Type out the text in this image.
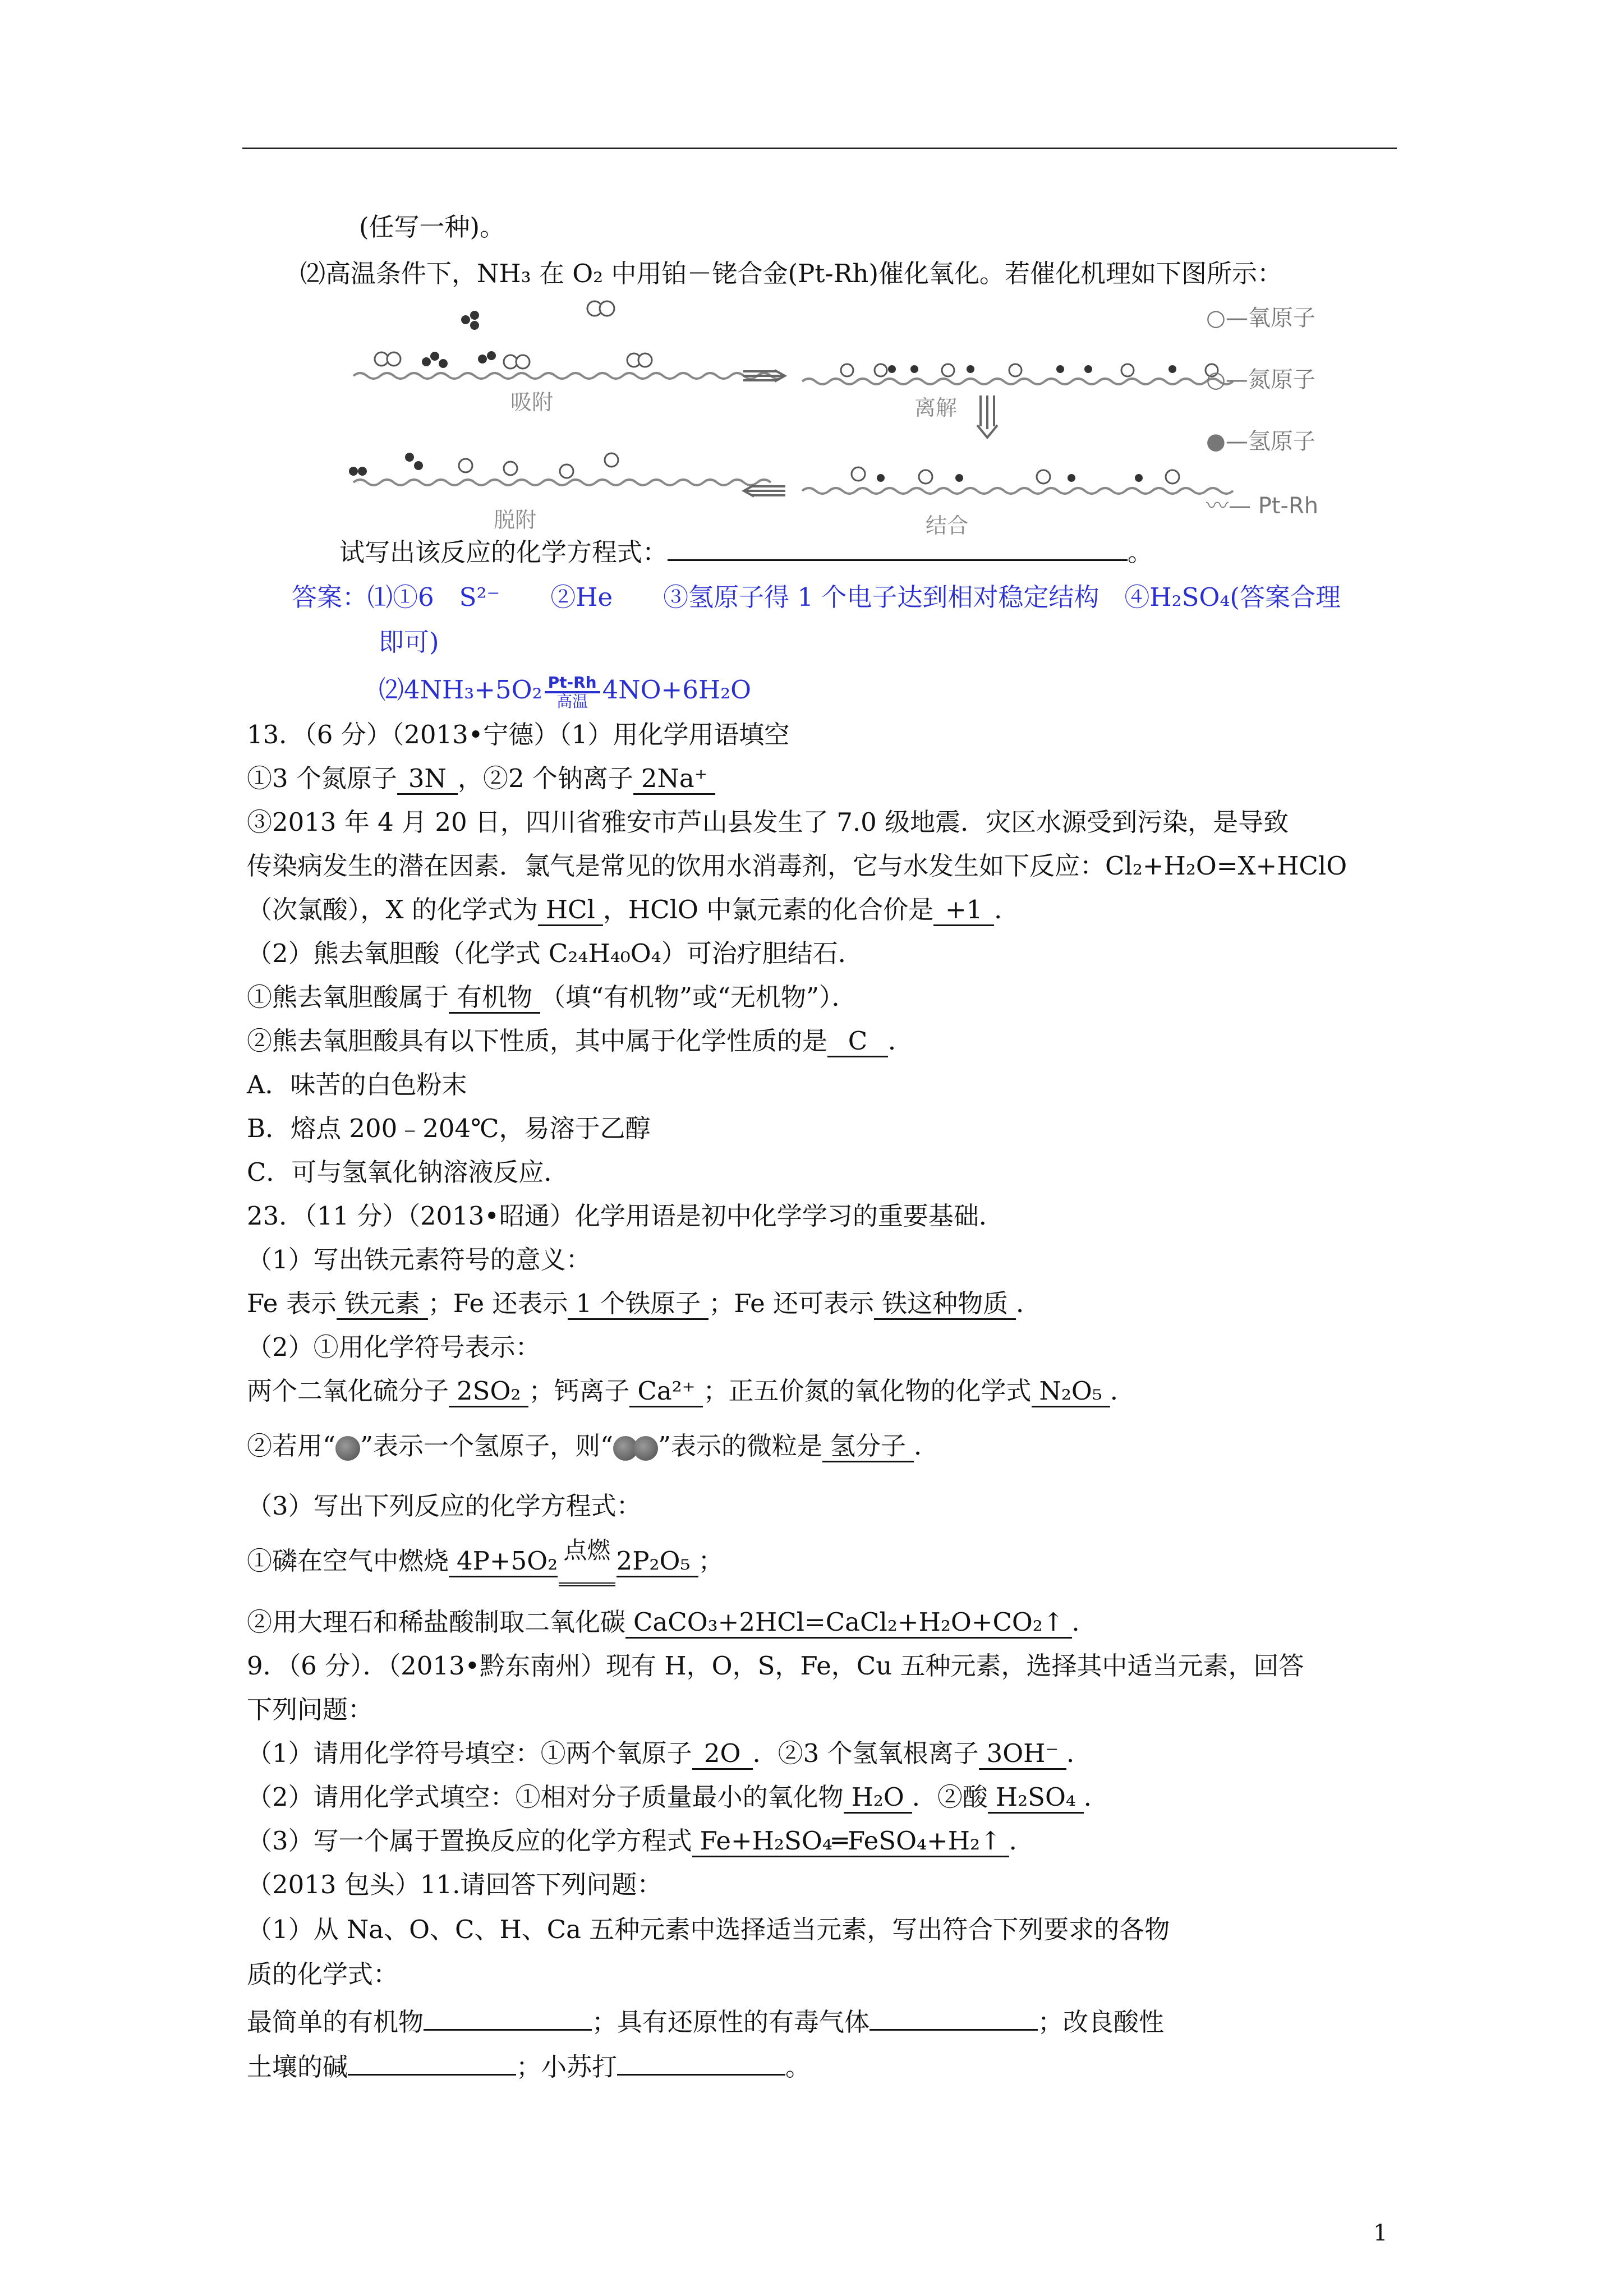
(任写一种)。
⑵高温条件下，NH₃ 在 O₂ 中用铂－铑合金(Pt-Rh)催化氧化。若催化机理如下图所示：
吸附	离解
结合
脱附
○—氧原子
○—氮原子
●—氢原子
〰— Pt-Rh
试写出该反应的化学方程式：	。
答案：⑴①6　S²⁻　　②He　　③氢原子得 1 个电子达到相对稳定结构　④H₂SO₄(答案合理
即可)
⑵4NH₃+5O₂ Pt-Rh
高温 4NO+6H₂O
13．（6 分）（2013•宁德）（1）用化学用语填空
①3 个氮原子 3N ，②2 个钠离子 2Na⁺
③2013 年 4 月 20 日，四川省雅安市芦山县发生了 7.0 级地震．灾区水源受到污染，是导致
传染病发生的潜在因素．氯气是常见的饮用水消毒剂，它与水发生如下反应：Cl₂+H₂O=X+HClO
（次氯酸），X 的化学式为 HCl ，HClO 中氯元素的化合价是 +1 ．
（2）熊去氧胆酸（化学式 C₂₄H₄₀O₄）可治疗胆结石．
①熊去氧胆酸属于 有机物 （填“有机物”或“无机物”）．
②熊去氧胆酸具有以下性质，其中属于化学性质的是 C ．
A．味苦的白色粉末
B．熔点 200﹣204℃，易溶于乙醇
C．可与氢氧化钠溶液反应．
23．（11 分）（2013•昭通）化学用语是初中化学学习的重要基础．
（1）写出铁元素符号的意义：
Fe 表示 铁元素 ；Fe 还表示 1 个铁原子 ；Fe 还可表示 铁这种物质 ．
（2）①用化学符号表示：
两个二氧化硫分子 2SO₂ ；钙离子 Ca²⁺ ；正五价氮的氧化物的化学式 N₂O₅ ．
②若用“ ”表示一个氢原子，则“ ”表示的微粒是 氢分子 ．
（3）写出下列反应的化学方程式：
①磷在空气中燃烧 4P+5O₂ 点燃
2P₂O₅ ；
②用大理石和稀盐酸制取二氧化碳 CaCO₃+2HCl=CaCl₂+H₂O+CO₂↑ ．
9．（6 分）．（2013•黔东南州）现有 H，O，S，Fe，Cu 五种元素，选择其中适当元素，回答
下列问题：
（1）请用化学符号填空：①两个氧原子 2O ．②3 个氢氧根离子 3OH⁻ ．
（2）请用化学式填空：①相对分子质量最小的氧化物 H₂O ．②酸 H₂SO₄ ．
（3）写一个属于置换反应的化学方程式 Fe+H₂SO₄═FeSO₄+H₂↑ ．
（2013 包头）11.请回答下列问题：
（1）从 Na、O、C、H、Ca 五种元素中选择适当元素，写出符合下列要求的各物
质的化学式：
最简单的有机物	；具有还原性的有毒气体	；改良酸性
土壤的碱	；小苏打	。
1
